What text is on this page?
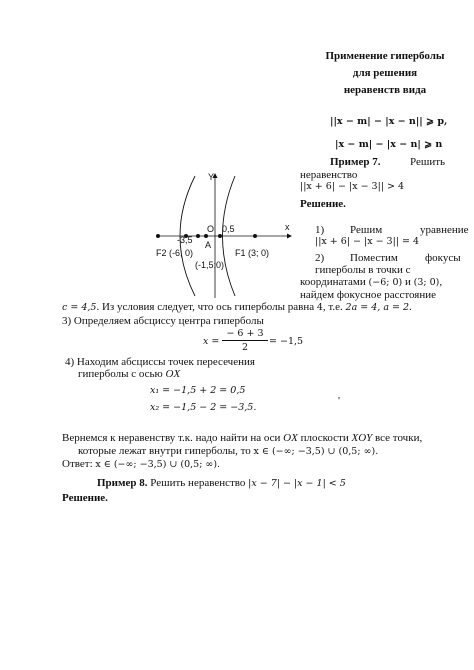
Применение гиперболы
для решения
неравенств вида
||x − m| − |x − n|| ⩾ p,
|x − m| − |x − n| ⩾ n
Пример 7.	Решить
неравенство
||x + 6| − |x − 3|| > 4
Решение.
1) Решим	уравнение
||x + 6| − |x − 3|| = 4
2) Поместим фокусы
гиперболы в точки с
координатами (−6; 0) и (3; 0),
найдем фокусное расстояние
Y
x
O 0,5
-3,5 A
F2 (-6; 0)	F1 (3; 0)
(-1,5;0)
c = 4,5. Из условия следует, что ось гиперболы равна 4, т.е. 2a = 4, a = 2.
3) Определяем абсциссу центра гиперболы
x =
− 6 + 3
2
= −1,5
4) Находим абсциссы точек пересечения
гиперболы с осью OX
x₁ = −1,5 + 2 = 0,5
x₂ = −1,5 − 2 = −3,5.
'
Вернемся к неравенству т.к. надо найти на оси OX плоскости XOY все точки,
которые лежат внутри гиперболы, то x ∈ (−∞; −3,5) ∪ (0,5; ∞).
Ответ: x ∈ (−∞; −3,5) ∪ (0,5; ∞).
Пример 8. Решить неравенство |x − 7| − |x − 1| < 5
Решение.
